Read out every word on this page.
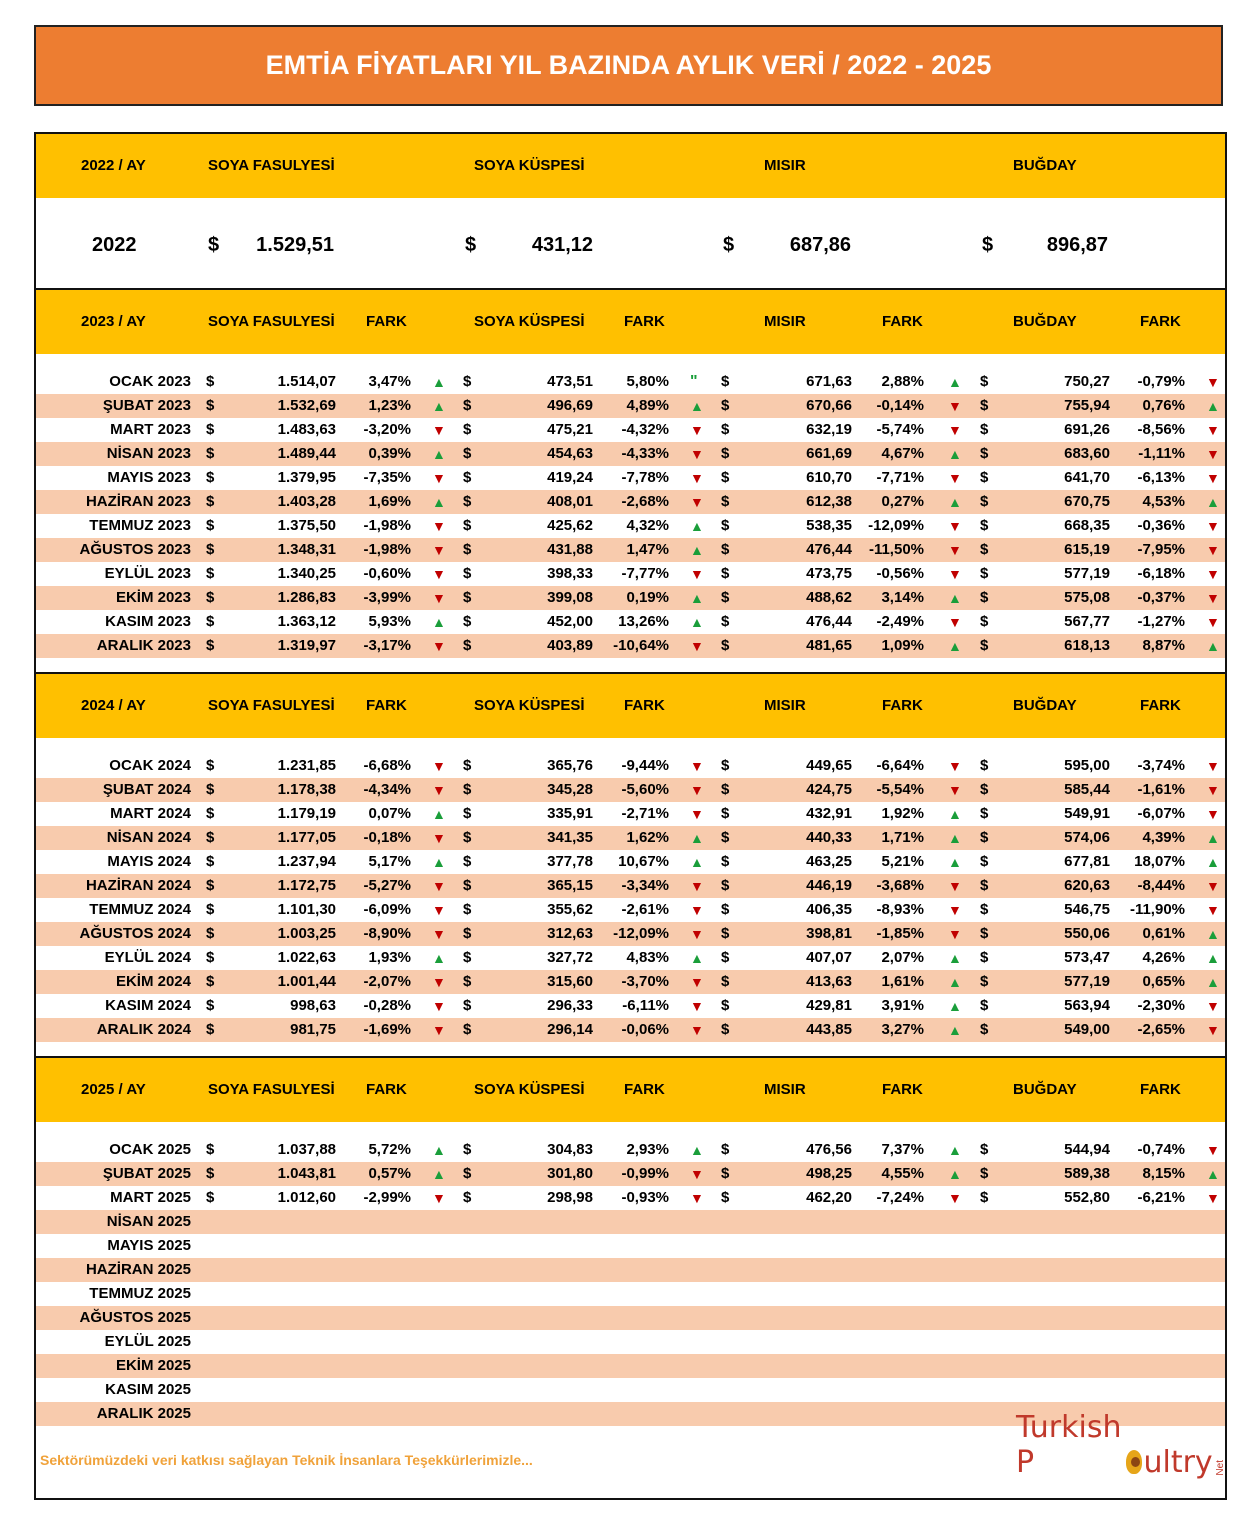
EMTİA FİYATLARI YIL BAZINDA AYLIK VERİ / 2022 - 2025
2022 / AY	SOYA FASULYESİ	SOYA KÜSPESİ	MISIR	BUĞDAY
2022	$ 1.529,51	$	431,12	$	687,86	$	896,87
2023 / AY	SOYA FASULYESİ	SOYA KÜSPESİ	MISIR	BUĞDAY
FARK	FARK	FARK	FARK
OCAK 2023 $	1.514,07 3,47% ▲ $	473,51 5,80% " $	671,63 2,88% ▲ $	750,27 -0,79% ▼
ŞUBAT 2023 $	1.532,69 1,23% ▲ $	496,69 4,89% ▲ $	670,66 -0,14% ▼ $	755,94 0,76% ▲
MART 2023 $	1.483,63 -3,20% ▼ $	475,21 -4,32% ▼ $	632,19 -5,74% ▼ $	691,26 -8,56% ▼
NİSAN 2023 $	1.489,44 0,39% ▲ $	454,63 -4,33% ▼ $	661,69 4,67% ▲ $	683,60 -1,11% ▼
MAYIS 2023 $	1.379,95 -7,35% ▼ $	419,24 -7,78% ▼ $	610,70 -7,71% ▼ $	641,70 -6,13% ▼
HAZİRAN 2023 $	1.403,28 1,69% ▲ $	408,01 -2,68% ▼ $	612,38 0,27% ▲ $	670,75 4,53% ▲
TEMMUZ 2023 $	1.375,50 -1,98% ▼ $	425,62 4,32% ▲ $	538,35 -12,09% ▼ $	668,35 -0,36% ▼
AĞUSTOS 2023 $	1.348,31 -1,98% ▼ $	431,88 1,47% ▲ $	476,44 -11,50% ▼ $	615,19 -7,95% ▼
EYLÜL 2023 $	1.340,25 -0,60% ▼ $	398,33 -7,77% ▼ $	473,75 -0,56% ▼ $	577,19 -6,18% ▼
EKİM 2023 $	1.286,83 -3,99% ▼ $	399,08 0,19% ▲ $	488,62 3,14% ▲ $	575,08 -0,37% ▼
KASIM 2023 $	1.363,12 5,93% ▲ $	452,00 13,26% ▲ $	476,44 -2,49% ▼ $	567,77 -1,27% ▼
ARALIK 2023 $	1.319,97 -3,17% ▼ $	403,89 -10,64% ▼ $	481,65 1,09% ▲ $	618,13 8,87% ▲
2024 / AY	SOYA FASULYESİ	SOYA KÜSPESİ	MISIR	BUĞDAY
FARK	FARK	FARK	FARK
OCAK 2024 $	1.231,85 -6,68% ▼ $	365,76 -9,44% ▼ $	449,65 -6,64% ▼ $	595,00 -3,74% ▼
ŞUBAT 2024 $	1.178,38 -4,34% ▼ $	345,28 -5,60% ▼ $	424,75 -5,54% ▼ $	585,44 -1,61% ▼
MART 2024 $	1.179,19 0,07% ▲ $	335,91 -2,71% ▼ $	432,91 1,92% ▲ $	549,91 -6,07% ▼
NİSAN 2024 $	1.177,05 -0,18% ▼ $	341,35 1,62% ▲ $	440,33 1,71% ▲ $	574,06 4,39% ▲
MAYIS 2024 $	1.237,94 5,17% ▲ $	377,78 10,67% ▲ $	463,25 5,21% ▲ $	677,81 18,07% ▲
HAZİRAN 2024 $	1.172,75 -5,27% ▼ $	365,15 -3,34% ▼ $	446,19 -3,68% ▼ $	620,63 -8,44% ▼
TEMMUZ 2024 $	1.101,30 -6,09% ▼ $	355,62 -2,61% ▼ $	406,35 -8,93% ▼ $	546,75 -11,90% ▼
AĞUSTOS 2024 $	1.003,25 -8,90% ▼ $	312,63 -12,09% ▼ $	398,81 -1,85% ▼ $	550,06 0,61% ▲
EYLÜL 2024 $	1.022,63 1,93% ▲ $	327,72 4,83% ▲ $	407,07 2,07% ▲ $	573,47 4,26% ▲
EKİM 2024 $	1.001,44 -2,07% ▼ $	315,60 -3,70% ▼ $	413,63 1,61% ▲ $	577,19 0,65% ▲
KASIM 2024 $	998,63 -0,28% ▼ $	296,33 -6,11% ▼ $	429,81 3,91% ▲ $	563,94 -2,30% ▼
ARALIK 2024 $	981,75 -1,69% ▼ $	296,14 -0,06% ▼ $	443,85 3,27% ▲ $	549,00 -2,65% ▼
2025 / AY	SOYA FASULYESİ	SOYA KÜSPESİ	MISIR	BUĞDAY
FARK	FARK	FARK	FARK
OCAK 2025 $	1.037,88 5,72% ▲ $	304,83 2,93% ▲ $	476,56 7,37% ▲ $	544,94 -0,74% ▼
ŞUBAT 2025 $	1.043,81 0,57% ▲ $	301,80 -0,99% ▼ $	498,25 4,55% ▲ $	589,38 8,15% ▲
MART 2025 $	1.012,60 -2,99% ▼ $	298,98 -0,93% ▼ $	462,20 -7,24% ▼ $	552,80 -6,21% ▼
NİSAN 2025
MAYIS 2025
HAZİRAN 2025
TEMMUZ 2025
AĞUSTOS 2025
EYLÜL 2025
EKİM 2025
KASIM 2025
ARALIK 2025
Sektörümüzdeki veri katkısı sağlayan Teknik İnsanlara Teşekkürlerimizle...
Turkish P	ultry Net
